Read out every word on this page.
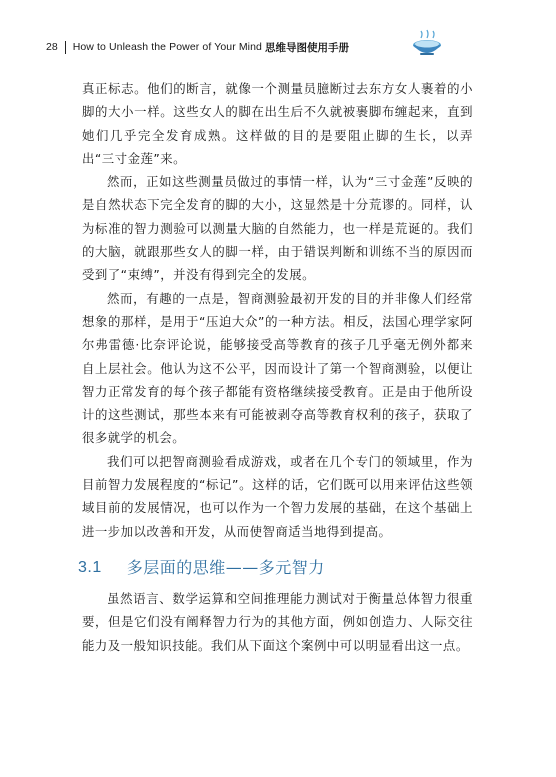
28 How to Unleash the Power of Your Mind 思维导图使用手册

真正标志。他们的断言，就像一个测量员臆断过去东方女人裹着的小脚的大小一样。这些女人的脚在出生后不久就被裹脚布缠起来，直到她们几乎完全发育成熟。这样做的目的是要阻止脚的生长，以弄出“三寸金莲”来。

然而，正如这些测量员做过的事情一样，认为“三寸金莲”反映的是自然状态下完全发育的脚的大小，这显然是十分荒谬的。同样，认为标准的智力测验可以测量大脑的自然能力，也一样是荒诞的。我们的大脑，就跟那些女人的脚一样，由于错误判断和训练不当的原因而受到了“束缚”，并没有得到完全的发展。

然而，有趣的一点是，智商测验最初开发的目的并非像人们经常想象的那样，是用于“压迫大众”的一种方法。相反，法国心理学家阿尔弗雷德·比奈评论说，能够接受高等教育的孩子几乎毫无例外都来自上层社会。他认为这不公平，因而设计了第一个智商测验，以便让智力正常发育的每个孩子都能有资格继续接受教育。正是由于他所设计的这些测试，那些本来有可能被剥夺高等教育权利的孩子，获取了很多就学的机会。

我们可以把智商测验看成游戏，或者在几个专门的领域里，作为目前智力发展程度的“标记”。这样的话，它们既可以用来评估这些领域目前的发展情况，也可以作为一个智力发展的基础，在这个基础上进一步加以改善和开发，从而使智商适当地得到提高。

3.1 多层面的思维——多元智力

虽然语言、数学运算和空间推理能力测试对于衡量总体智力很重要，但是它们没有阐释智力行为的其他方面，例如创造力、人际交往能力及一般知识技能。我们从下面这个案例中可以明显看出这一点。
